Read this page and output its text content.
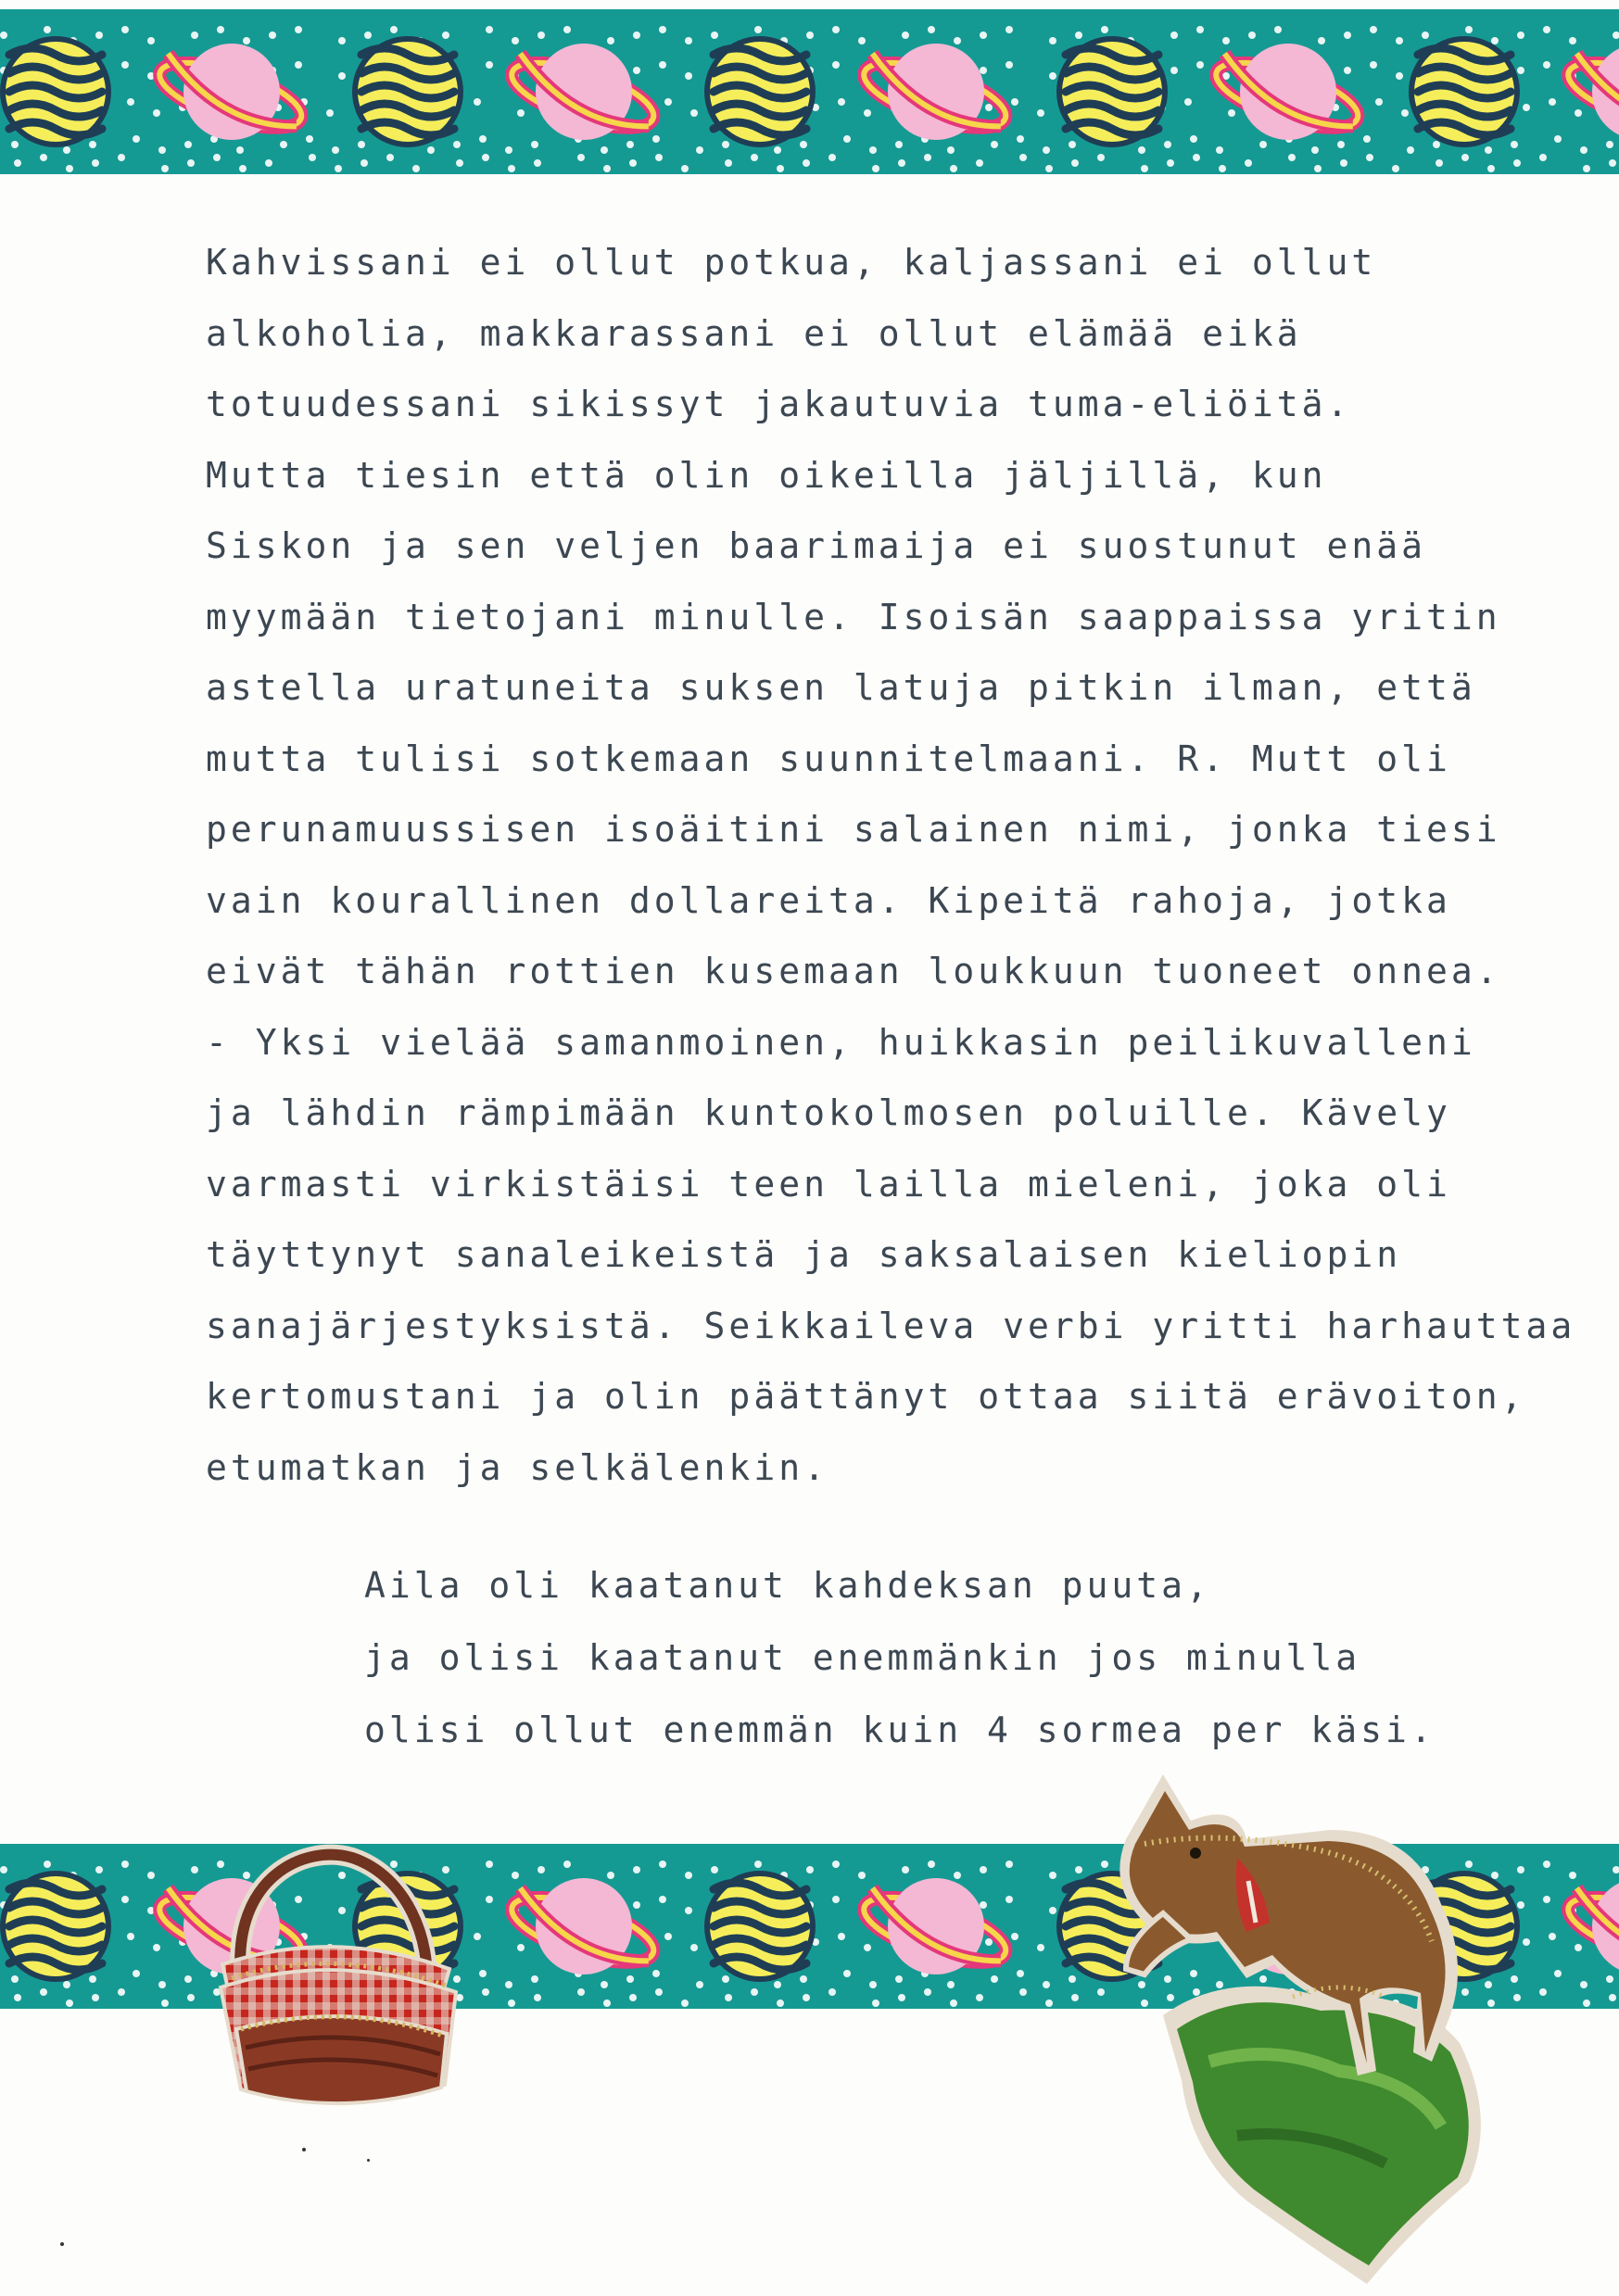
Kahvissani ei ollut potkua, kaljassani ei ollut
alkoholia, makkarassani ei ollut elämää eikä
totuudessani sikissyt jakautuvia tuma-eliöitä.
Mutta tiesin että olin oikeilla jäljillä, kun
Siskon ja sen veljen baarimaija ei suostunut enää
myymään tietojani minulle. Isoisän saappaissa yritin
astella uratuneita suksen latuja pitkin ilman, että
mutta tulisi sotkemaan suunnitelmaani. R. Mutt oli
perunamuussisen isoäitini salainen nimi, jonka tiesi
vain kourallinen dollareita. Kipeitä rahoja, jotka
eivät tähän rottien kusemaan loukkuun tuoneet onnea.
- Yksi vielää samanmoinen, huikkasin peilikuvalleni
ja lähdin rämpimään kuntokolmosen poluille. Kävely
varmasti virkistäisi teen lailla mieleni, joka oli
täyttynyt sanaleikeistä ja saksalaisen kieliopin
sanajärjestyksistä. Seikkaileva verbi yritti harhauttaa
kertomustani ja olin päättänyt ottaa siitä erävoiton,
etumatkan ja selkälenkin.
Aila oli kaatanut kahdeksan puuta,
ja olisi kaatanut enemmänkin jos minulla
olisi ollut enemmän kuin 4 sormea per käsi.
